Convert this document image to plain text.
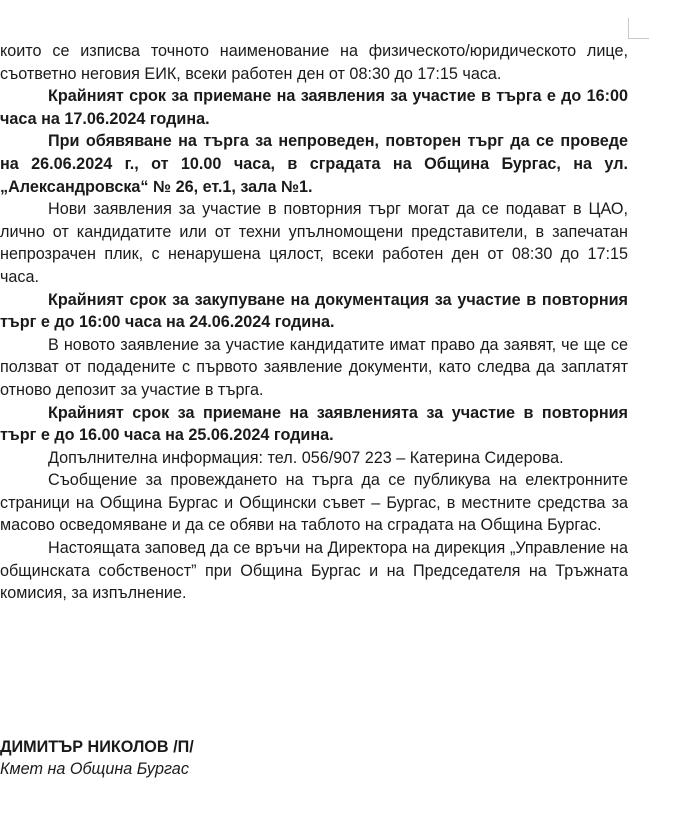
които се изписва точното наименование на физическото/юридическото лице, съответно неговия ЕИК, всеки работен ден от 08:30 до 17:15 часа.

Крайният срок за приемане на заявления за участие в търга е до 16:00 часа на 17.06.2024 година.

При обявяване на търга за непроведен, повторен търг да се проведе на 26.06.2024 г., от 10.00 часа, в сградата на Община Бургас, на ул.„Александровска“ № 26, ет.1, зала №1.

Нови заявления за участие в повторния търг могат да се подават в ЦАО, лично от кандидатите или от техни упълномощени представители, в запечатан непрозрачен плик, с ненарушена цялост, всеки работен ден от 08:30 до 17:15 часа.

Крайният срок за закупуване на документация за участие в повторния търг е до 16:00 часа на 24.06.2024 година.

В новото заявление за участие кандидатите имат право да заявят, че ще се ползват от подадените с първото заявление документи, като следва да заплатят отново депозит за участие в търга.

Крайният срок за приемане на заявленията за участие в повторния търг е до 16.00 часа на 25.06.2024 година.

Допълнителна информация: тел. 056/907 223 – Катерина Сидерова.

Съобщение за провеждането на търга да се публикува на електронните страници на Община Бургас и Общински съвет – Бургас, в местните средства за масово осведомяване и да се обяви на таблото на сградата на Община Бургас.

Настоящата заповед да се връчи на Директора на дирекция „Управление на общинската собственост” при Община Бургас и на Председателя на Тръжната комисия, за изпълнение.

ДИМИТЪР НИКОЛОВ /П/

Кмет на Община Бургас
